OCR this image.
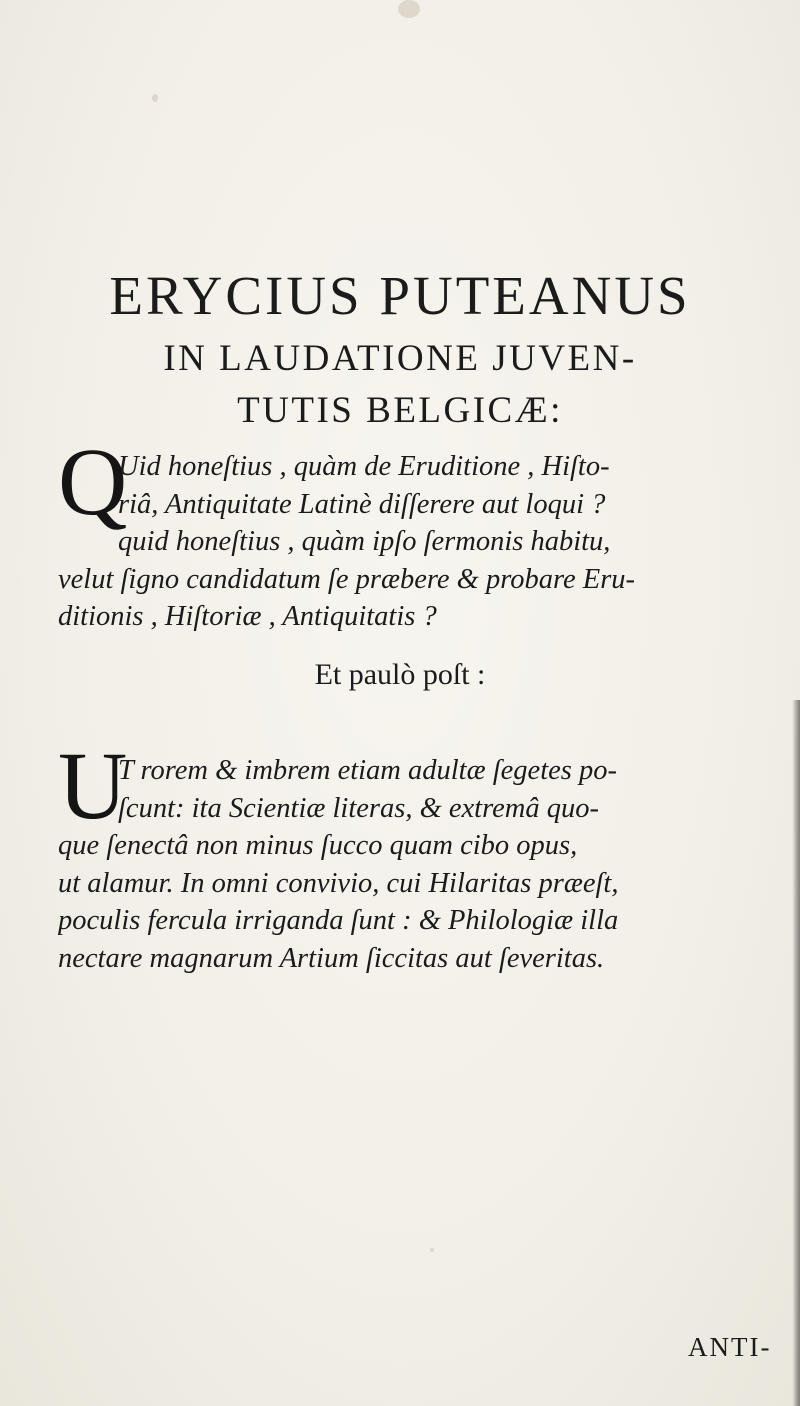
ERYCIUS PUTEANUS
IN LAUDATIONE JUVEN-
TUTIS BELGICÆ:
Q

Uid honeſtius , quàm de Eruditione , Hiſto-
riâ, Antiquitate Latinè diſſerere aut loqui ?
quid honeſtius , quàm ipſo ſermonis habitu,
velut ſigno candidatum ſe præbere & probare Eru-
ditionis , Hiſtoriæ , Antiquitatis ?

Et paulò poſt :
U

T rorem & imbrem etiam adultæ ſegetes po-
ſcunt: ita Scientiæ literas, & extremâ quo-
que ſenectâ non minus ſucco quam cibo opus,
ut alamur. In omni convivio, cui Hilaritas præeſt,
poculis fercula irriganda ſunt : & Philologiæ illa
nectare magnarum Artium ſiccitas aut ſeveritas.

ANTI-
